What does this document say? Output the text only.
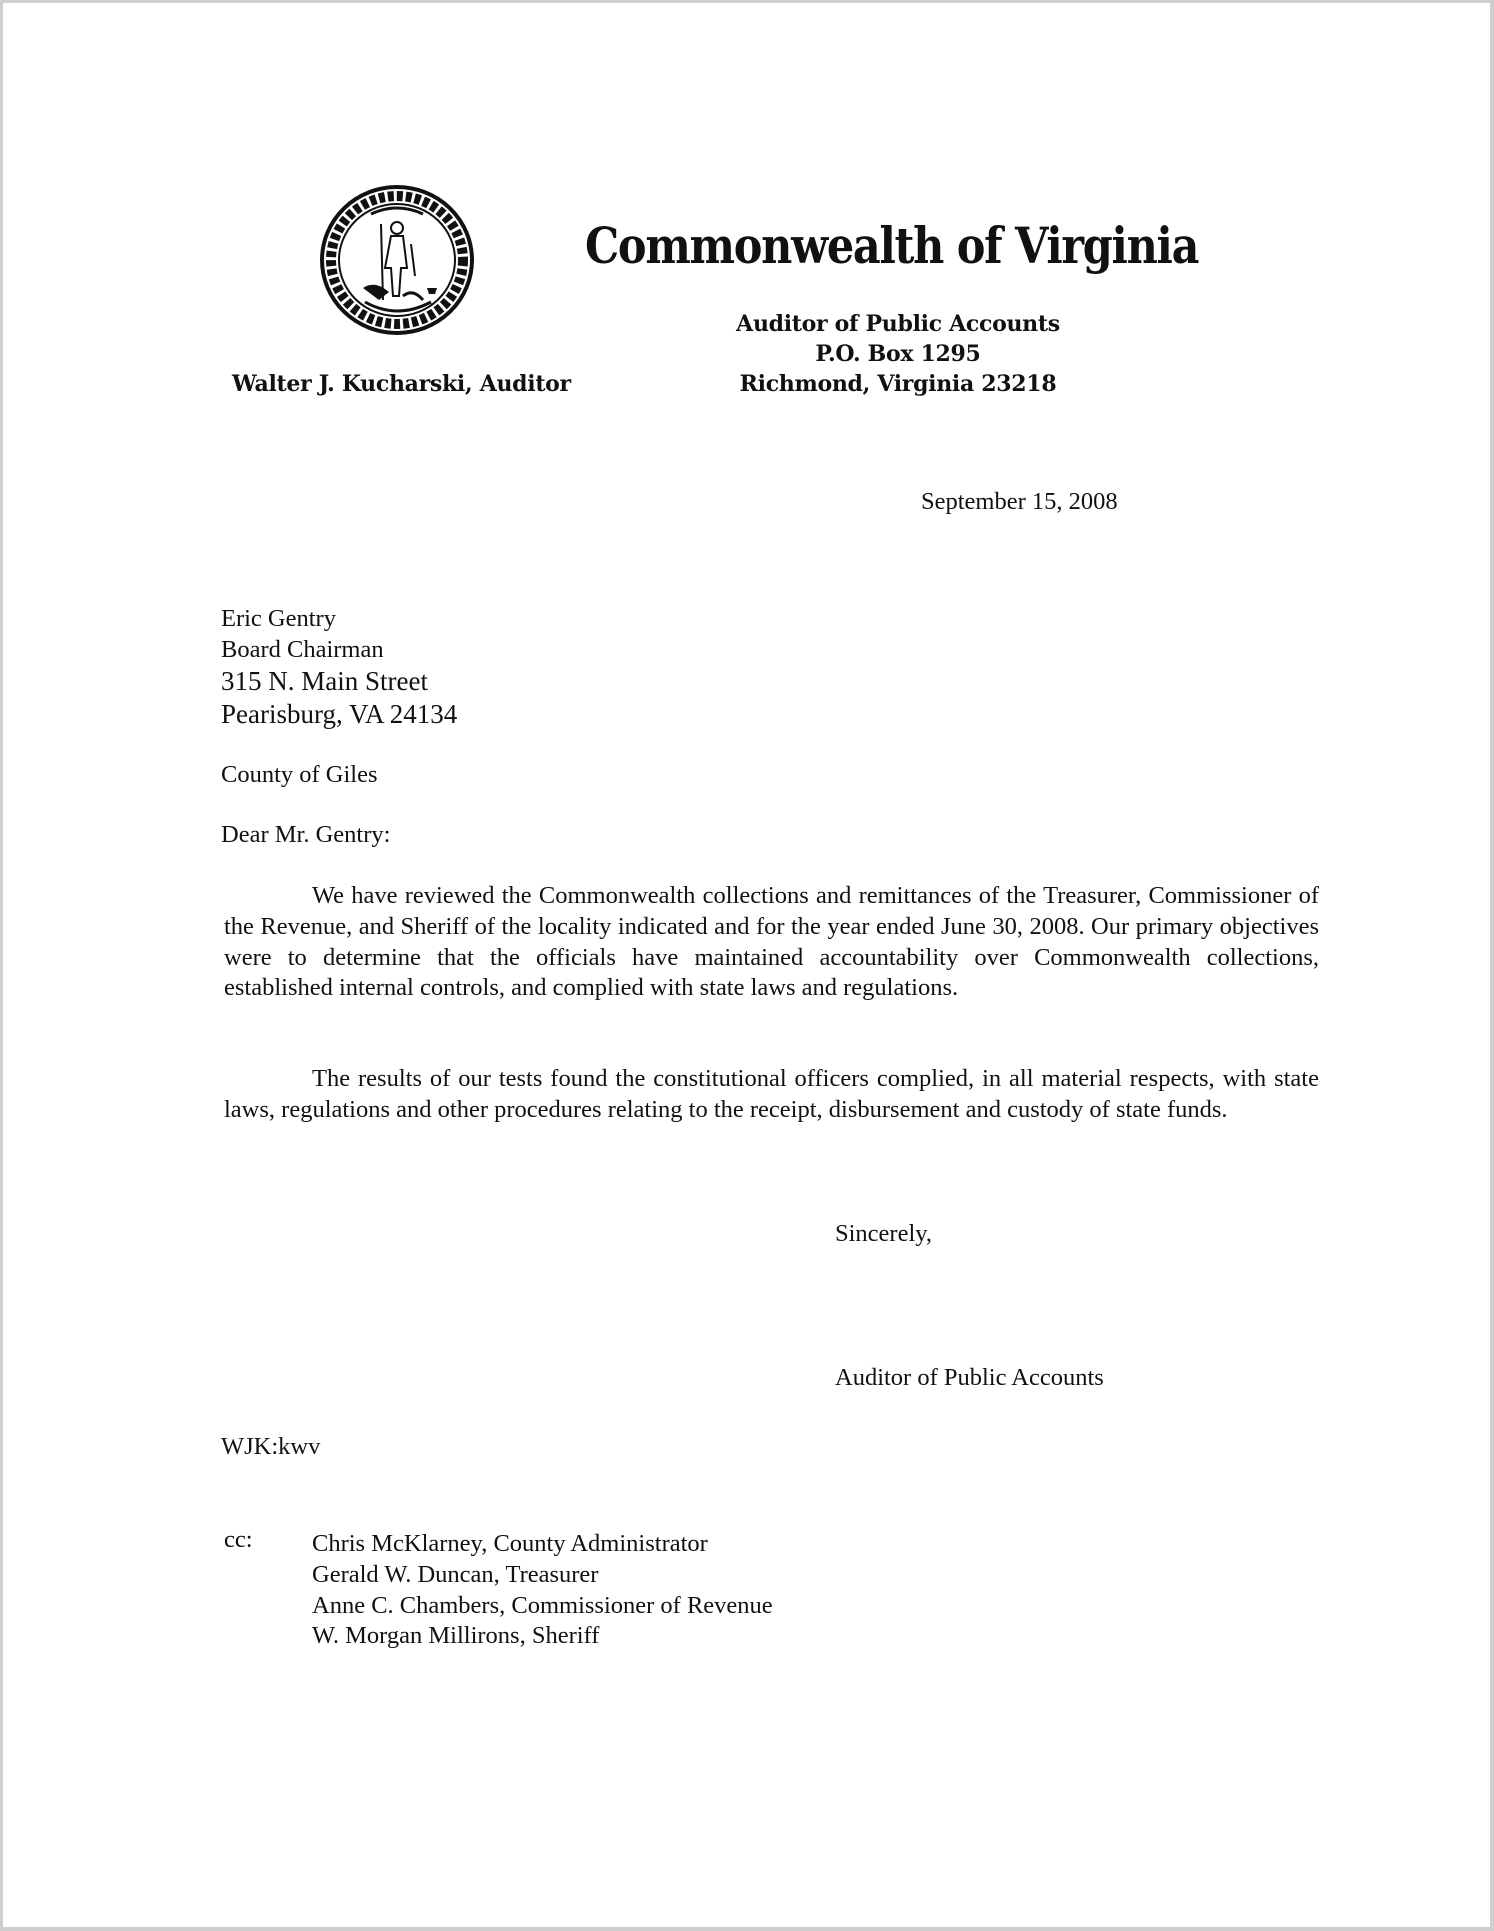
Commonwealth of Virginia
Auditor of Public Accounts
P.O. Box 1295
Richmond, Virginia 23218
Walter J. Kucharski, Auditor
September 15, 2008
Eric Gentry
Board Chairman
315 N. Main Street
Pearisburg, VA 24134
County of Giles
Dear Mr. Gentry:

We have reviewed the Commonwealth collections and remittances of the Treasurer, Commissioner of the Revenue, and Sheriff of the locality indicated and for the year ended June 30, 2008. Our primary objectives were to determine that the officials have maintained accountability over Commonwealth collections, established internal controls, and complied with state laws and regulations.

The results of our tests found the constitutional officers complied, in all material respects, with state laws, regulations and other procedures relating to the receipt, disbursement and custody of state funds.

Sincerely,
Auditor of Public Accounts
WJK:kwv
cc: Chris McKlarney, County Administrator
Gerald W. Duncan, Treasurer
Anne C. Chambers, Commissioner of Revenue
W. Morgan Millirons, Sheriff
